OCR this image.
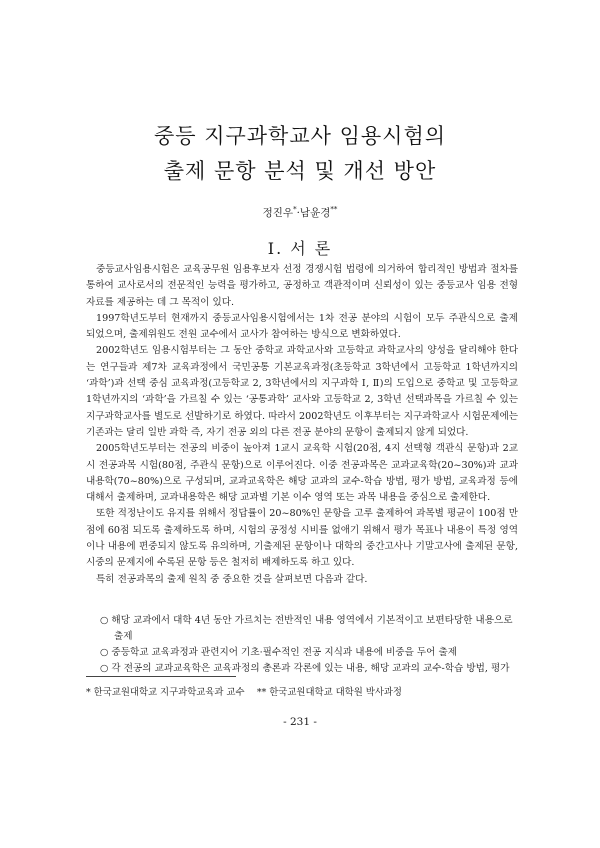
중등 지구과학교사 임용시험의
출제 문항 분석 및 개선 방안
정진우*·남윤경**
Ⅰ. 서 론

중등교사임용시험은 교육공무원 임용후보자 선정 경쟁시험 법령에 의거하여 합리적인 방법과 절차를 통하여 교사로서의 전문적인 능력을 평가하고, 공정하고 객관적이며 신뢰성이 있는 중등교사 임용 전형자료를 제공하는 데 그 목적이 있다.

1997학년도부터 현재까지 중등교사임용시험에서는 1차 전공 분야의 시험이 모두 주관식으로 출제 되었으며, 출제위원도 전원 교수에서 교사가 참여하는 방식으로 변화하였다.

2002학년도 임용시험부터는 그 동안 중학교 과학교사와 고등학교 과학교사의 양성을 달리해야 한다는 연구들과 제7차 교육과정에서 국민공통 기본교육과정(초등학교 3학년에서 고등학교 1학년까지의 ‘과학’)과 선택 중심 교육과정(고등학교 2, 3학년에서의 지구과학 Ⅰ, Ⅱ)의 도입으로 중학교 및 고등학교 1학년까지의 ‘과학’을 가르칠 수 있는 ‘공통과학’ 교사와 고등학교 2, 3학년 선택과목을 가르칠 수 있는 지구과학교사를 별도로 선발하기로 하였다. 따라서 2002학년도 이후부터는 지구과학교사 시험문제에는 기존과는 달리 일반 과학 즉, 자기 전공 외의 다른 전공 분야의 문항이 출제되지 않게 되었다.

2005학년도부터는 전공의 비중이 높아져 1교시 교육학 시험(20점, 4지 선택형 객관식 문항)과 2교시 전공과목 시험(80점, 주관식 문항)으로 이루어진다. 이중 전공과목은 교과교육학(20~30%)과 교과내용학(70~80%)으로 구성되며, 교과교육학은 해당 교과의 교수-학습 방법, 평가 방법, 교육과정 등에 대해서 출제하며, 교과내용학은 해당 교과별 기본 이수 영역 또는 과목 내용을 중심으로 출제한다.

또한 적정난이도 유지를 위해서 정답률이 20~80%인 문항을 고루 출제하여 과목별 평균이 100점 만점에 60점 되도록 출제하도록 하며, 시험의 공정성 시비를 없애기 위해서 평가 목표나 내용이 특정 영역이나 내용에 편중되지 않도록 유의하며, 기출제된 문항이나 대학의 중간고사나 기말고사에 출제된 문항, 시중의 문제지에 수록된 문항 등은 철저히 배제하도록 하고 있다.

특히 전공과목의 출제 원칙 중 중요한 것을 살펴보면 다음과 같다.

○ 해당 교과에서 대학 4년 동안 가르치는 전반적인 내용 영역에서 기본적이고 보편타당한 내용으로 출제
○ 중등학교 교육과정과 관련지어 기초·필수적인 전공 지식과 내용에 비중을 두어 출제
○ 각 전공의 교과교육학은 교육과정의 총론과 각론에 있는 내용, 해당 교과의 교수-학습 방법, 평가
* 한국교원대학교 지구과학교육과 교수　 ** 한국교원대학교 대학원 박사과정
- 231 -
